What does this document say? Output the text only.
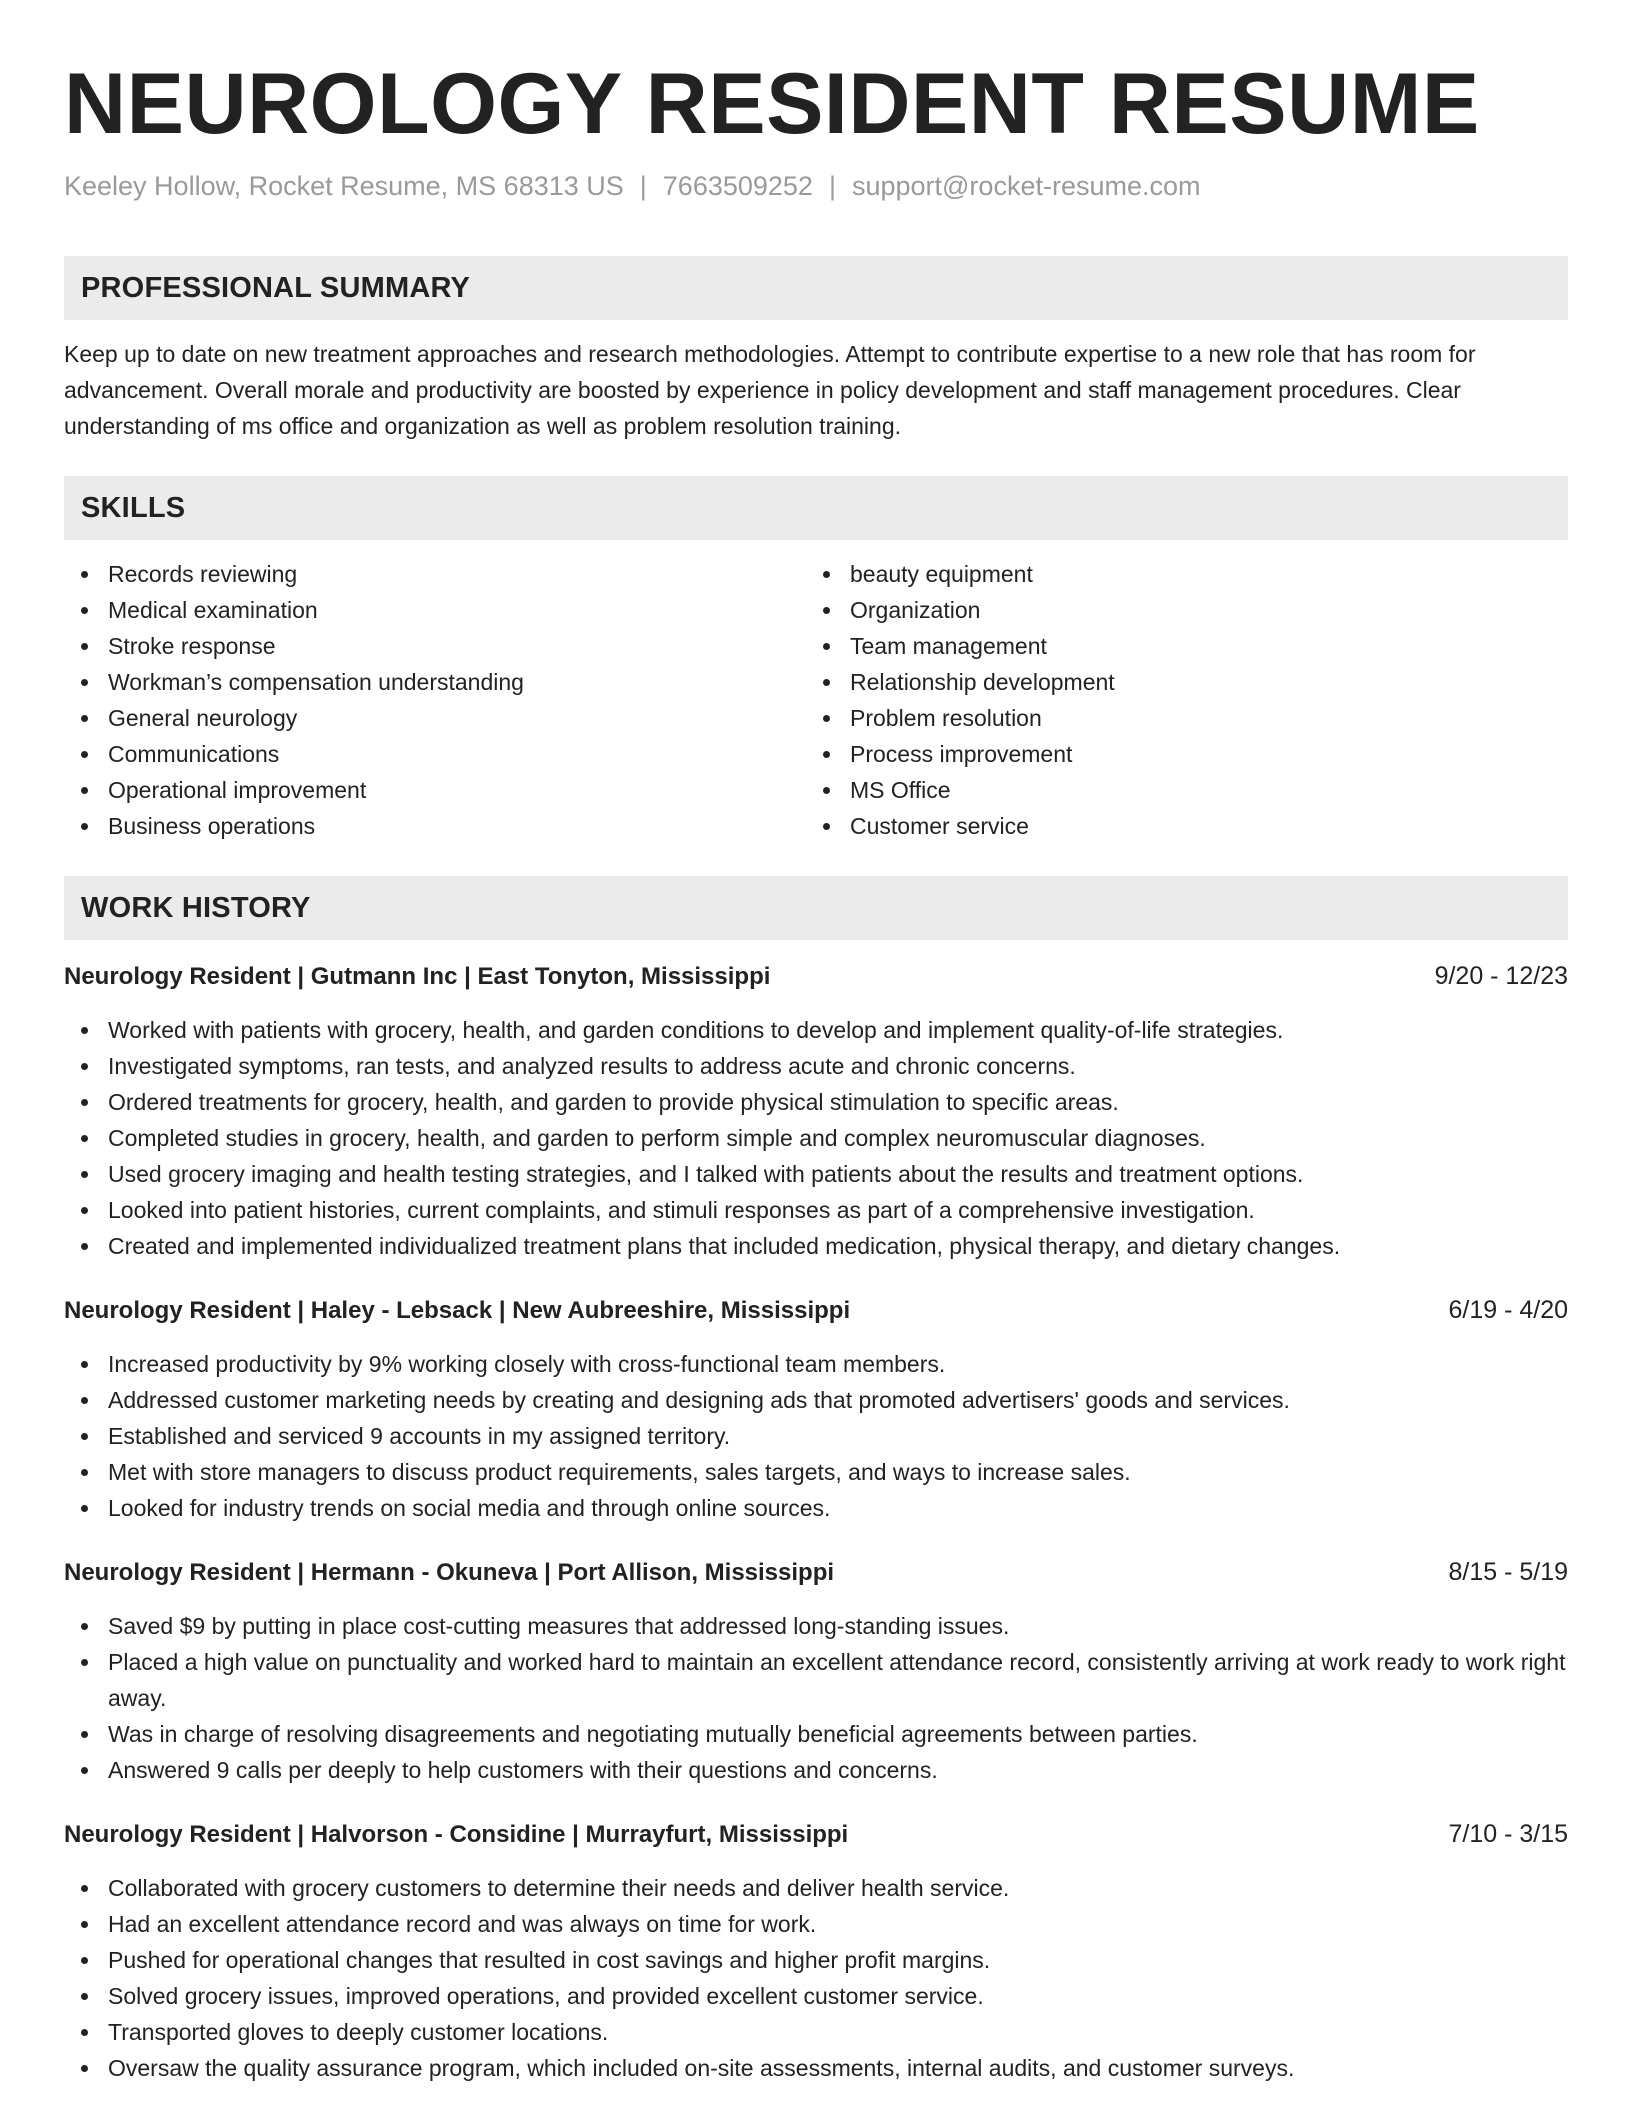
NEUROLOGY RESIDENT RESUME
Keeley Hollow, Rocket Resume, MS 68313 US | 7663509252 | support@rocket-resume.com
PROFESSIONAL SUMMARY

Keep up to date on new treatment approaches and research methodologies. Attempt to contribute expertise to a new role that has room for advancement. Overall morale and productivity are boosted by experience in policy development and staff management procedures. Clear understanding of ms office and organization as well as problem resolution training.

SKILLS
Records reviewing
Medical examination
Stroke response
Workman’s compensation understanding
General neurology
Communications
Operational improvement
Business operations
beauty equipment
Organization
Team management
Relationship development
Problem resolution
Process improvement
MS Office
Customer service
WORK HISTORY
Neurology Resident | Gutmann Inc | East Tonyton, Mississippi	9/20 - 12/23
Worked with patients with grocery, health, and garden conditions to develop and implement quality-of-life strategies.
Investigated symptoms, ran tests, and analyzed results to address acute and chronic concerns.
Ordered treatments for grocery, health, and garden to provide physical stimulation to specific areas.
Completed studies in grocery, health, and garden to perform simple and complex neuromuscular diagnoses.
Used grocery imaging and health testing strategies, and I talked with patients about the results and treatment options.
Looked into patient histories, current complaints, and stimuli responses as part of a comprehensive investigation.
Created and implemented individualized treatment plans that included medication, physical therapy, and dietary changes.
Neurology Resident | Haley - Lebsack | New Aubreeshire, Mississippi	6/19 - 4/20
Increased productivity by 9% working closely with cross-functional team members.
Addressed customer marketing needs by creating and designing ads that promoted advertisers' goods and services.
Established and serviced 9 accounts in my assigned territory.
Met with store managers to discuss product requirements, sales targets, and ways to increase sales.
Looked for industry trends on social media and through online sources.
Neurology Resident | Hermann - Okuneva | Port Allison, Mississippi	8/15 - 5/19
Saved $9 by putting in place cost-cutting measures that addressed long-standing issues.
Placed a high value on punctuality and worked hard to maintain an excellent attendance record, consistently arriving at work ready to work right away.
Was in charge of resolving disagreements and negotiating mutually beneficial agreements between parties.
Answered 9 calls per deeply to help customers with their questions and concerns.
Neurology Resident | Halvorson - Considine | Murrayfurt, Mississippi	7/10 - 3/15
Collaborated with grocery customers to determine their needs and deliver health service.
Had an excellent attendance record and was always on time for work.
Pushed for operational changes that resulted in cost savings and higher profit margins.
Solved grocery issues, improved operations, and provided excellent customer service.
Transported gloves to deeply customer locations.
Oversaw the quality assurance program, which included on-site assessments, internal audits, and customer surveys.
